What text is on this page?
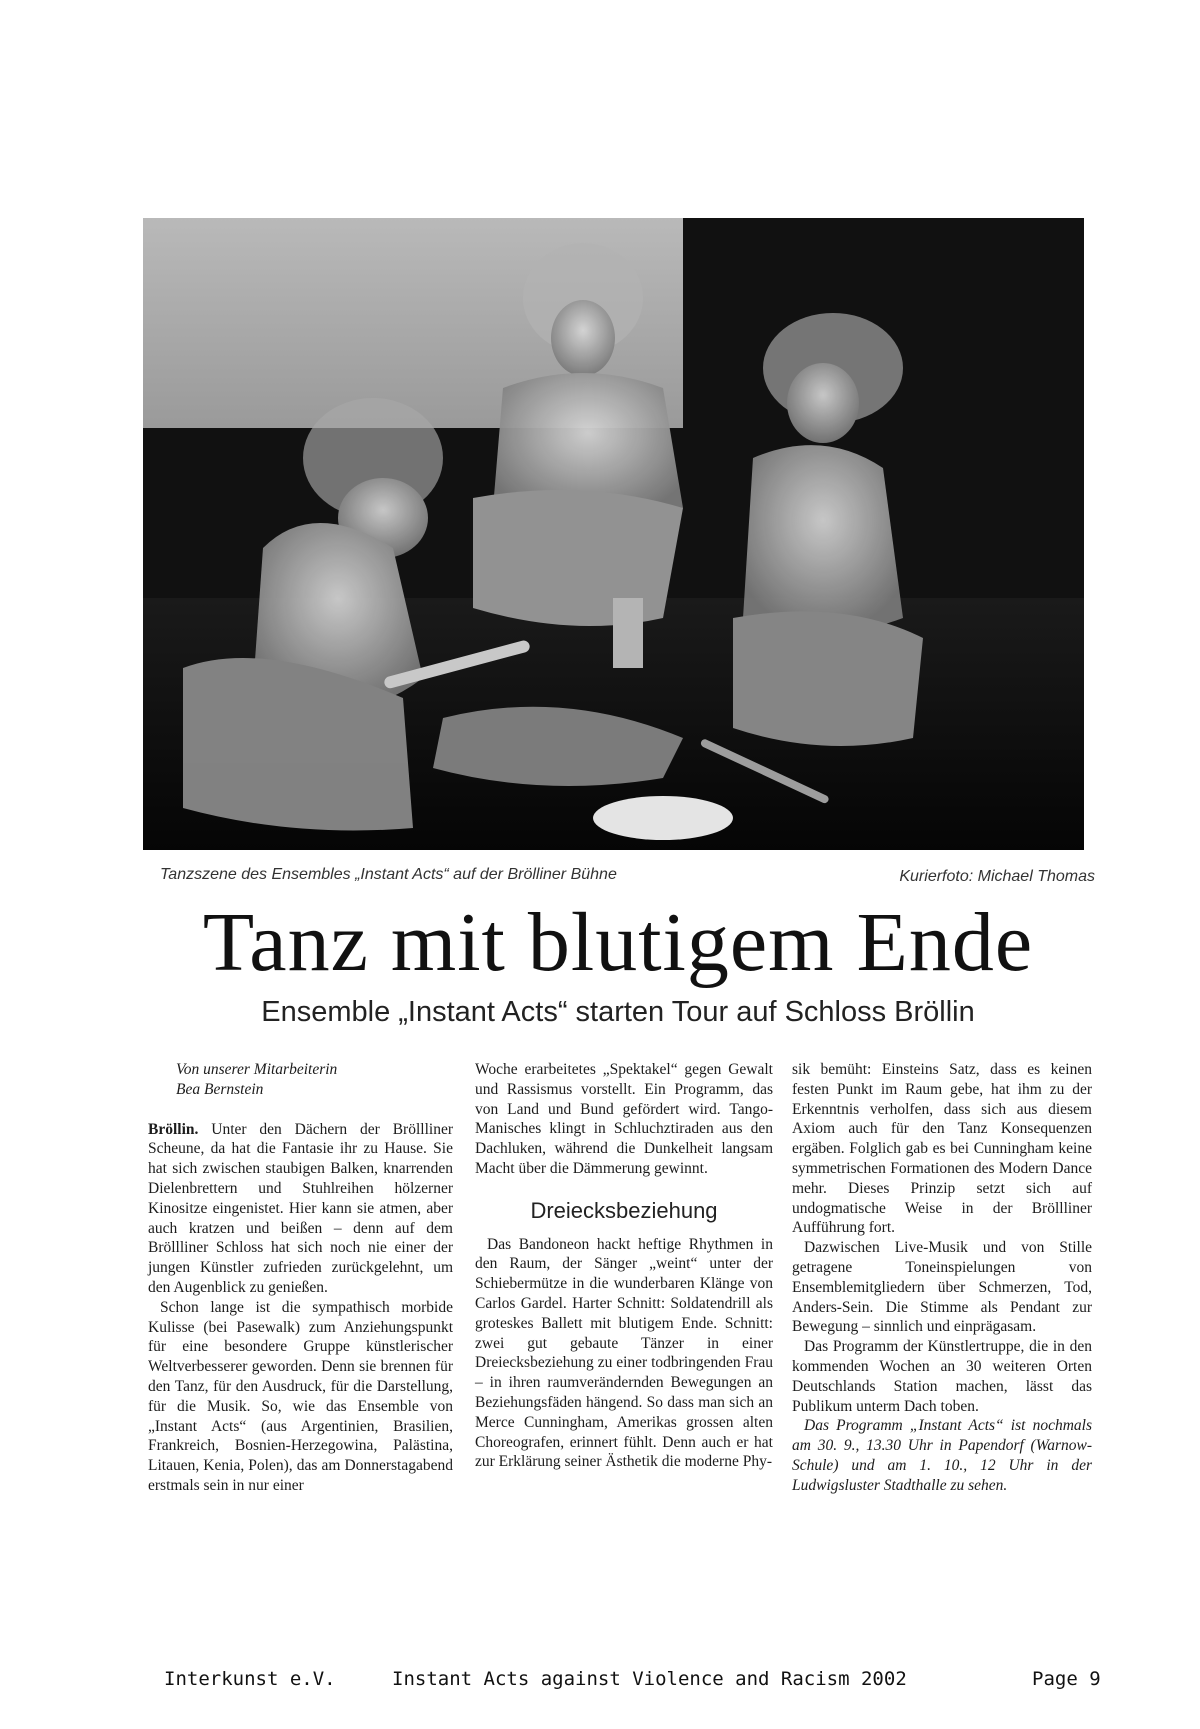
Tanzszene des Ensembles „Instant Acts“ auf der Brölliner Bühne	Kurierfoto: Michael Thomas
Tanz mit blutigem Ende
Ensemble „Instant Acts“ starten Tour auf Schloss Bröllin

Von unserer Mitarbeiterin

Bea Bernstein

Bröllin. Unter den Dächern der Bröllliner Scheune, da hat die Fantasie ihr zu Hause. Sie hat sich zwischen staubigen Balken, knarrenden Dielenbrettern und Stuhlreihen hölzerner Kinositze eingenistet. Hier kann sie atmen, aber auch kratzen und beißen – denn auf dem Bröllliner Schloss hat sich noch nie einer der jungen Künstler zufrieden zurückgelehnt, um den Augenblick zu genießen.

Schon lange ist die sympathisch morbide Kulisse (bei Pasewalk) zum Anziehungspunkt für eine besondere Gruppe künstlerischer Weltverbesserer geworden. Denn sie brennen für den Tanz, für den Ausdruck, für die Darstellung, für die Musik. So, wie das Ensemble von „Instant Acts“ (aus Argentinien, Brasilien, Frankreich, Bosnien-Herzegowina, Palästina, Litauen, Kenia, Polen), das am Donnerstagabend erstmals sein in nur einer

Woche erarbeitetes „Spektakel“ gegen Gewalt und Rassismus vorstellt. Ein Programm, das von Land und Bund gefördert wird. Tango-Manisches klingt in Schluchztiraden aus den Dachluken, während die Dunkelheit langsam Macht über die Dämmerung gewinnt.

Dreiecksbeziehung

Das Bandoneon hackt heftige Rhythmen in den Raum, der Sänger „weint“ unter der Schiebermütze in die wunderbaren Klänge von Carlos Gardel. Harter Schnitt: Soldatendrill als groteskes Ballett mit blutigem Ende. Schnitt: zwei gut gebaute Tänzer in einer Dreiecksbeziehung zu einer todbringenden Frau – in ihren raumverändernden Bewegungen an Beziehungsfäden hängend. So dass man sich an Merce Cunningham, Amerikas grossen alten Choreografen, erinnert fühlt. Denn auch er hat zur Erklärung seiner Ästhetik die moderne Phy-

sik bemüht: Einsteins Satz, dass es keinen festen Punkt im Raum gebe, hat ihm zu der Erkenntnis verholfen, dass sich aus diesem Axiom auch für den Tanz Konsequenzen ergäben. Folglich gab es bei Cunningham keine symmetrischen Formationen des Modern Dance mehr. Dieses Prinzip setzt sich auf undogmatische Weise in der Bröllliner Aufführung fort.

Dazwischen Live-Musik und von Stille getragene Toneinspielungen von Ensemblemitgliedern über Schmerzen, Tod, Anders-Sein. Die Stimme als Pendant zur Bewegung – sinnlich und einprägasam.

Das Programm der Künstlertruppe, die in den kommenden Wochen an 30 weiteren Orten Deutschlands Station machen, lässt das Publikum unterm Dach toben.

Das Programm „Instant Acts“ ist nochmals am 30. 9., 13.30 Uhr in Papendorf (Warnow-Schule) und am 1. 10., 12 Uhr in der Ludwigsluster Stadthalle zu sehen.

Interkunst e.V.	Instant Acts against Violence and Racism 2002	Page 9
